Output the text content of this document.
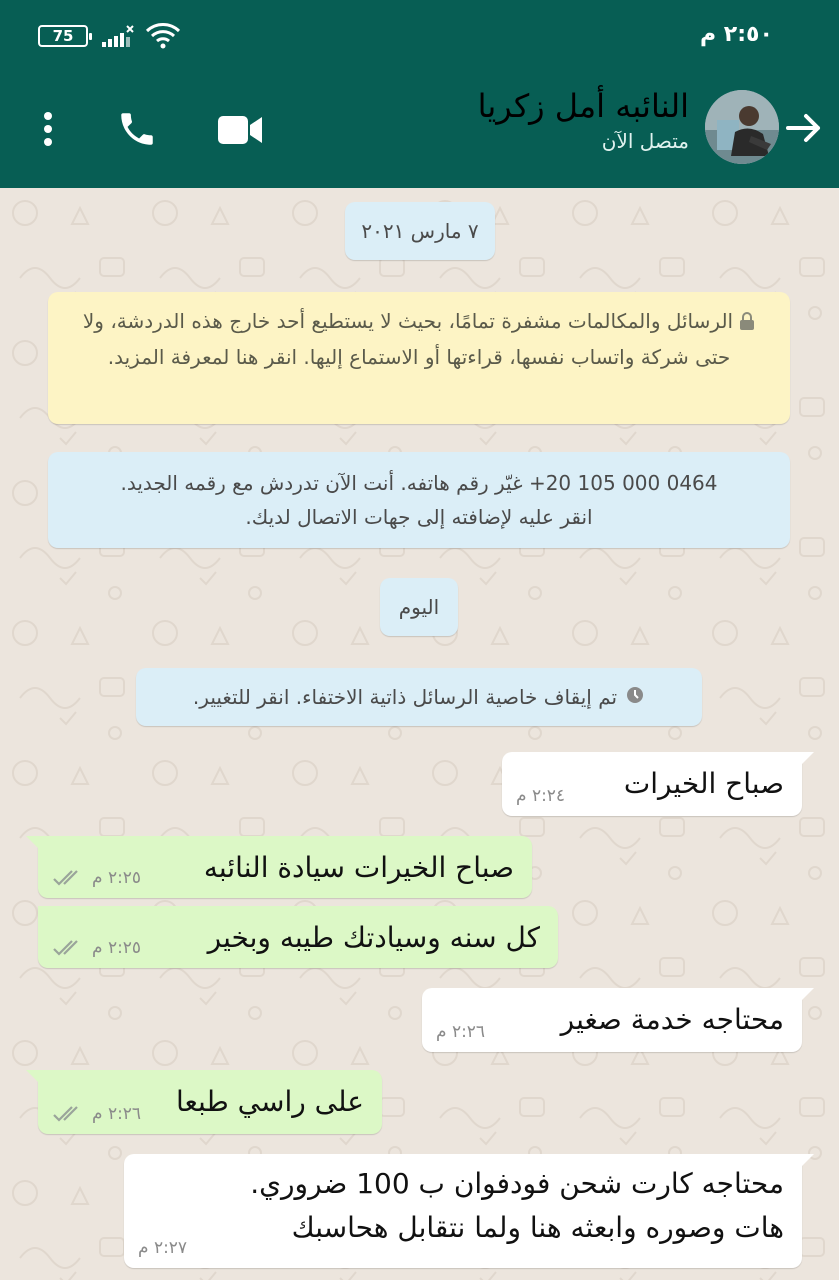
75	٢:٥٠ م
النائبه أمل زكريا
متصل الآن
٧ مارس ٢٠٢١
الرسائل والمكالمات مشفرة تمامًا، بحيث لا يستطيع أحد خارج هذه الدردشة، ولا حتى شركة واتساب نفسها، قراءتها أو الاستماع إليها. انقر هنا لمعرفة المزيد.
0464 000 105 20+ غيّر رقم هاتفه. أنت الآن تدردش مع رقمه الجديد.
انقر عليه لإضافته إلى جهات الاتصال لديك.
اليوم
تم إيقاف خاصية الرسائل ذاتية الاختفاء. انقر للتغيير.
صباح الخيرات
٢:٢٤ م
صباح الخيرات سيادة النائبه
٢:٢٥ م
كل سنه وسيادتك طيبه وبخير
٢:٢٥ م
محتاجه خدمة صغير
٢:٢٦ م
على راسي طبعا
٢:٢٦ م
محتاجه كارت شحن فودفوان ب 100 ضروري.
هات وصوره وابعثه هنا ولما نتقابل هحاسبك
٢:٢٧ م
